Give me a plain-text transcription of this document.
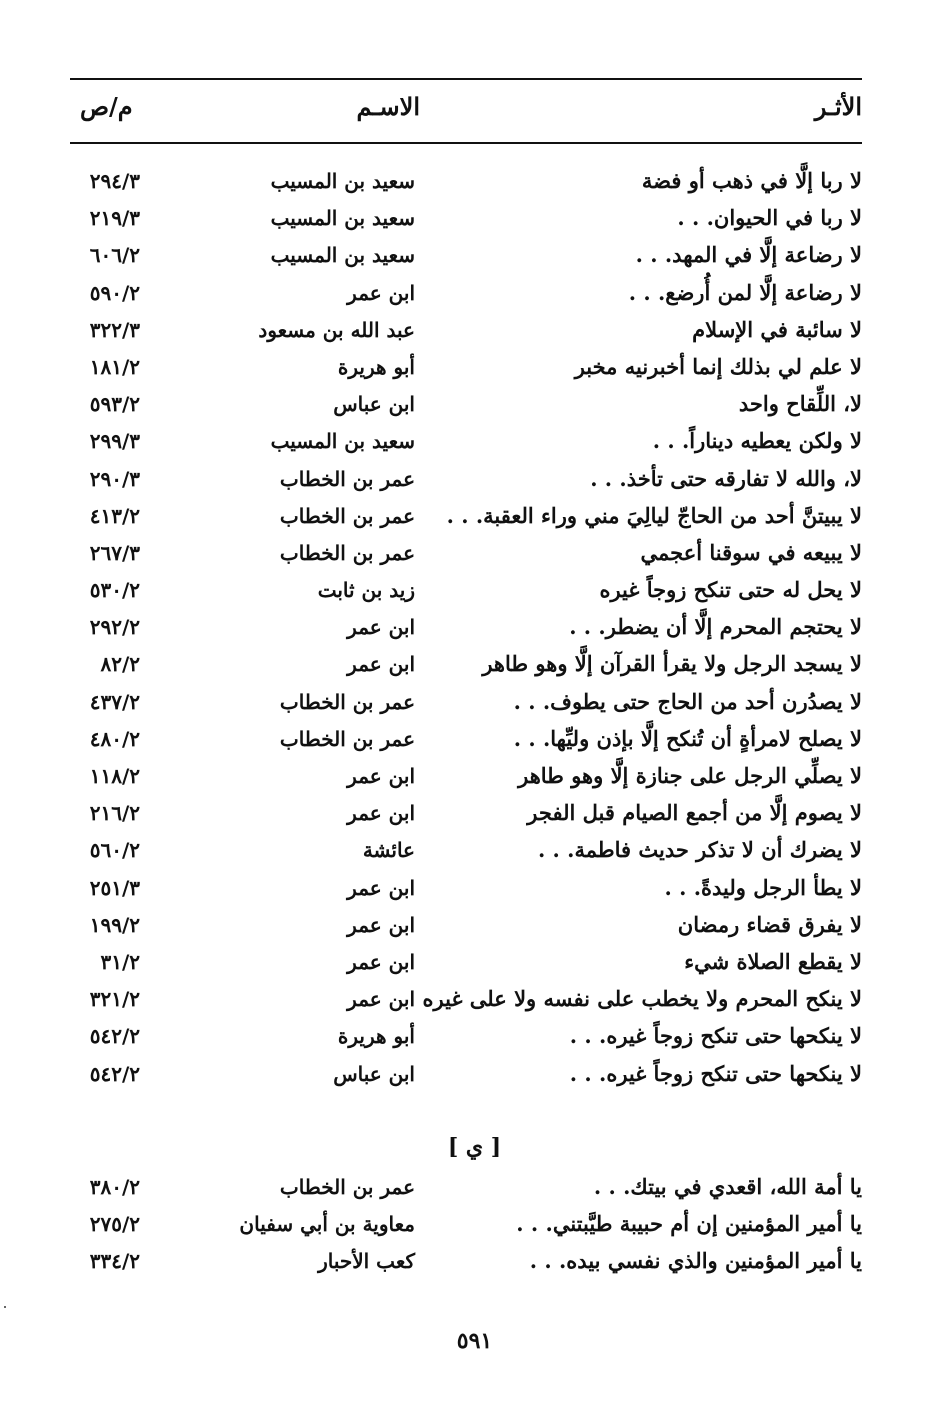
الأثـر
الاسـم
م/ص
لا ربا إلَّا في ذهب أو فضة
سعيد بن المسيب
٢٩٤/٣
لا ربا في الحيوان. . .
سعيد بن المسيب
٢١٩/٣
لا رضاعة إلَّا في المهد. . .
سعيد بن المسيب
٦٠٦/٢
لا رضاعة إلَّا لمن أُرضع. . .
ابن عمر
٥٩٠/٢
لا سائبة في الإسلام
عبد الله بن مسعود
٣٢٢/٣
لا علم لي بذلك إنما أخبرنيه مخبر
أبو هريرة
١٨١/٢
لا، اللِّقاح واحد
ابن عباس
٥٩٣/٢
لا ولكن يعطيه ديناراً. . .
سعيد بن المسيب
٢٩٩/٣
لا، والله لا تفارقه حتى تأخذ. . .
عمر بن الخطاب
٢٩٠/٣
لا يبيتنَّ أحد من الحاجّ ليالِيَ مني وراء العقبة. . .
عمر بن الخطاب
٤١٣/٢
لا يبيعه في سوقنا أعجمي
عمر بن الخطاب
٢٦٧/٣
لا يحل له حتى تنكح زوجاً غيره
زيد بن ثابت
٥٣٠/٢
لا يحتجم المحرم إلَّا أن يضطر. . .
ابن عمر
٢٩٢/٢
لا يسجد الرجل ولا يقرأ القرآن إلَّا وهو طاهر
ابن عمر
٨٢/٢
لا يصدُرن أحد من الحاج حتى يطوف. . .
عمر بن الخطاب
٤٣٧/٢
لا يصلح لامرأةٍ أن تُنكح إلَّا بإذن وليِّها. . .
عمر بن الخطاب
٤٨٠/٢
لا يصلِّي الرجل على جنازة إلَّا وهو طاهر
ابن عمر
١١٨/٢
لا يصوم إلَّا من أجمع الصيام قبل الفجر
ابن عمر
٢١٦/٢
لا يضرك أن لا تذكر حديث فاطمة. . .
عائشة
٥٦٠/٢
لا يطأ الرجل وليدةً. . .
ابن عمر
٢٥١/٣
لا يفرق قضاء رمضان
ابن عمر
١٩٩/٢
لا يقطع الصلاة شيء
ابن عمر
٣١/٢
لا ينكح المحرم ولا يخطب على نفسه ولا على غيره
ابن عمر
٣٢١/٢
لا ينكحها حتى تنكح زوجاً غيره. . .
أبو هريرة
٥٤٢/٢
لا ينكحها حتى تنكح زوجاً غيره. . .
ابن عباس
٥٤٢/٢
[ ي ]
يا أمة الله، اقعدي في بيتك. . .
عمر بن الخطاب
٣٨٠/٢
يا أمير المؤمنين إن أم حبيبة طيَّبتني. . .
معاوية بن أبي سفيان
٢٧٥/٢
يا أمير المؤمنين والذي نفسي بيده. . .
كعب الأحبار
٣٣٤/٢
٥٩١
